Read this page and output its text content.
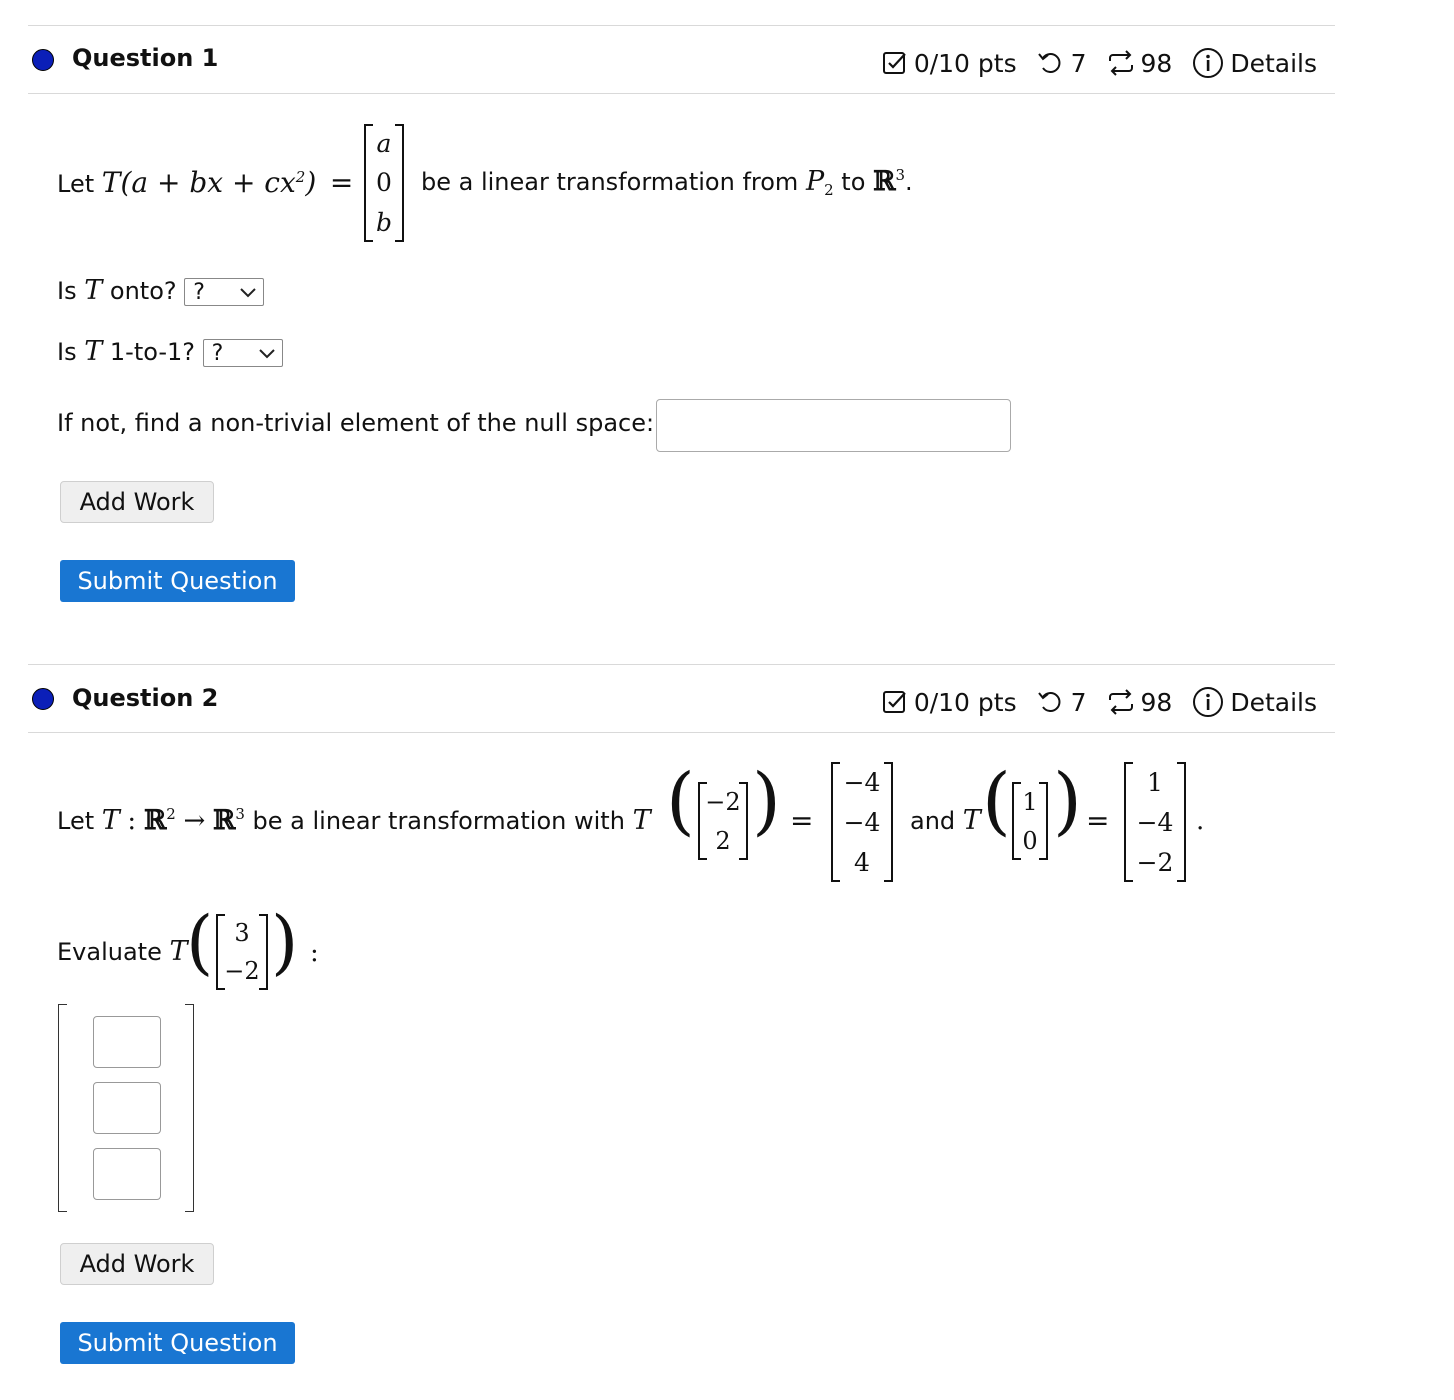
Question 1	0/10 pts 7 98 Details
Let T(a + bx + $cx^2$) =
a
0
b
be a linear transformation from $P_2$ to ℝ$^3$.
Is T onto? ?
Is T 1-to-1? ?
If not, find a non-trivial element of the null space:
Add Work
Submit Question
Question 2	0/10 pts 7 98 Details
Let T : ℝ$^2$ → ℝ$^3$ be a linear transformation with T ( −2
2 ) =
−4
−4
4
and T ( 1
0 ) =
1
−4
−2
.
Evaluate T
( 3
−2 ) :
Add Work
Submit Question
